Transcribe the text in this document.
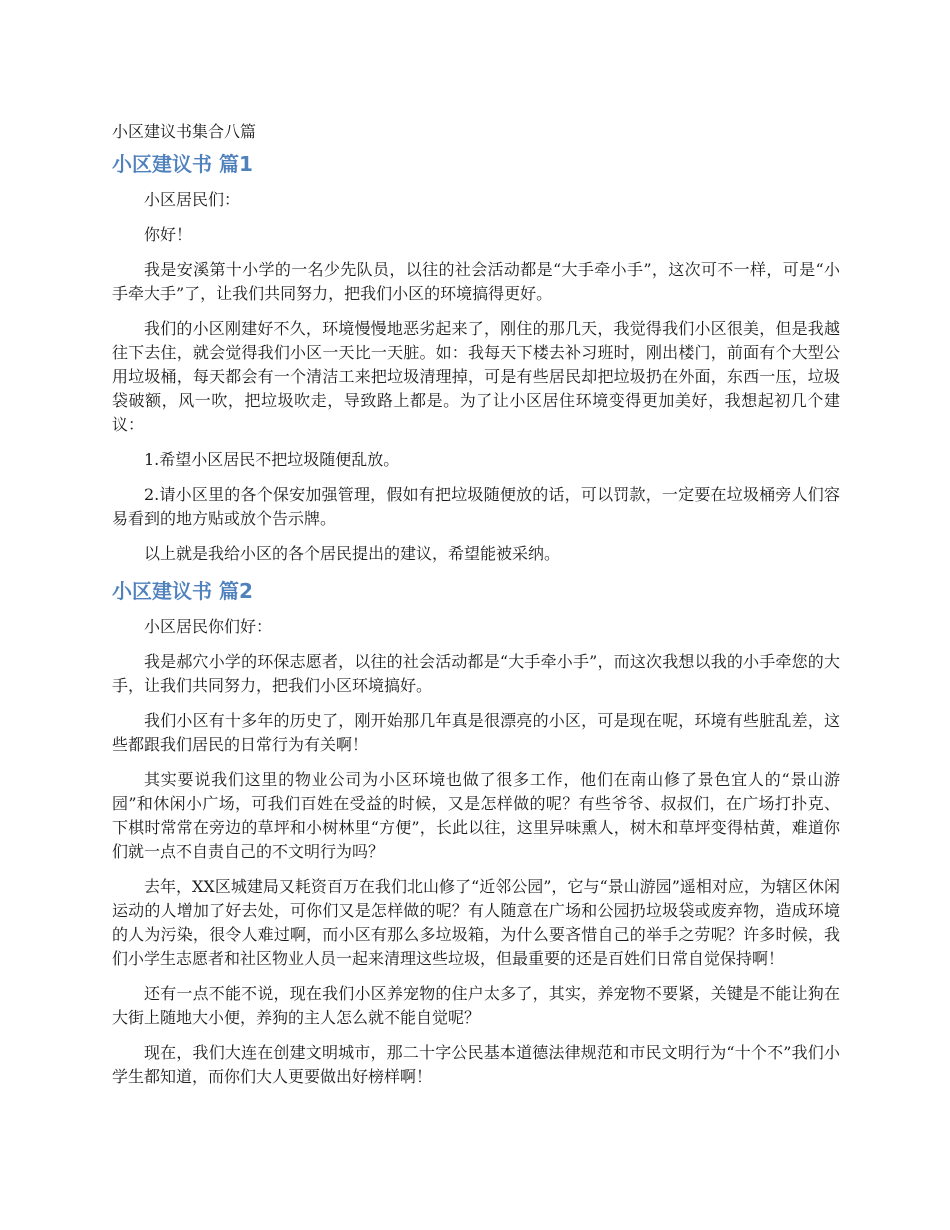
小区建议书集合八篇
小区建议书 篇1

小区居民们：

你好！

我是安溪第十小学的一名少先队员，以往的社会活动都是“大手牵小手”，这次可不一样，可是“小手牵大手”了，让我们共同努力，把我们小区的环境搞得更好。

我们的小区刚建好不久，环境慢慢地恶劣起来了，刚住的那几天，我觉得我们小区很美，但是我越往下去住，就会觉得我们小区一天比一天脏。如：我每天下楼去补习班时，刚出楼门，前面有个大型公用垃圾桶，每天都会有一个清洁工来把垃圾清理掉，可是有些居民却把垃圾扔在外面，东西一压，垃圾袋破额，风一吹，把垃圾吹走，导致路上都是。为了让小区居住环境变得更加美好，我想起初几个建议：

1.希望小区居民不把垃圾随便乱放。

2.请小区里的各个保安加强管理，假如有把垃圾随便放的话，可以罚款，一定要在垃圾桶旁人们容易看到的地方贴或放个告示牌。

以上就是我给小区的各个居民提出的建议，希望能被采纳。

小区建议书 篇2

小区居民你们好：

我是郝穴小学的环保志愿者，以往的社会活动都是“大手牵小手”，而这次我想以我的小手牵您的大手，让我们共同努力，把我们小区环境搞好。

我们小区有十多年的历史了，刚开始那几年真是很漂亮的小区，可是现在呢，环境有些脏乱差，这些都跟我们居民的日常行为有关啊！

其实要说我们这里的物业公司为小区环境也做了很多工作，他们在南山修了景色宜人的“景山游园”和休闲小广场，可我们百姓在受益的时候，又是怎样做的呢？有些爷爷、叔叔们，在广场打扑克、下棋时常常在旁边的草坪和小树林里“方便”，长此以往，这里异味熏人，树木和草坪变得枯黄，难道你们就一点不自责自己的不文明行为吗？

去年，XX区城建局又耗资百万在我们北山修了“近邻公园”，它与“景山游园”遥相对应，为辖区休闲运动的人增加了好去处，可你们又是怎样做的呢？有人随意在广场和公园扔垃圾袋或废弃物，造成环境的人为污染，很令人难过啊，而小区有那么多垃圾箱，为什么要吝惜自己的举手之劳呢？许多时候，我们小学生志愿者和社区物业人员一起来清理这些垃圾，但最重要的还是百姓们日常自觉保持啊！

还有一点不能不说，现在我们小区养宠物的住户太多了，其实，养宠物不要紧，关键是不能让狗在大街上随地大小便，养狗的主人怎么就不能自觉呢？

现在，我们大连在创建文明城市，那二十字公民基本道德法律规范和市民文明行为“十个不”我们小学生都知道，而你们大人更要做出好榜样啊！
